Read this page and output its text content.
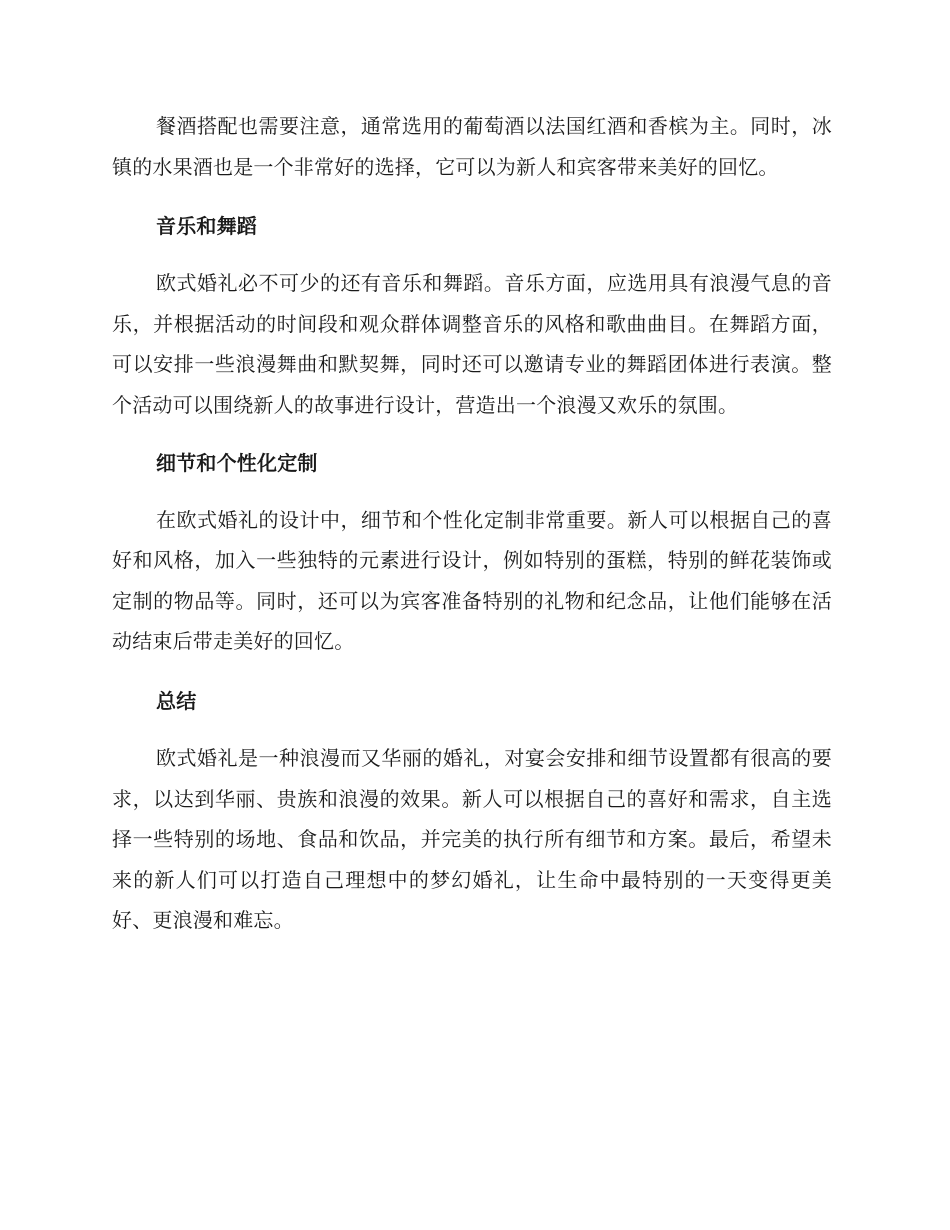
餐酒搭配也需要注意，通常选用的葡萄酒以法国红酒和香槟为主。同时，冰镇的水果酒也是一个非常好的选择，它可以为新人和宾客带来美好的回忆。

音乐和舞蹈

欧式婚礼必不可少的还有音乐和舞蹈。音乐方面，应选用具有浪漫气息的音乐，并根据活动的时间段和观众群体调整音乐的风格和歌曲曲目。在舞蹈方面，可以安排一些浪漫舞曲和默契舞，同时还可以邀请专业的舞蹈团体进行表演。整个活动可以围绕新人的故事进行设计，营造出一个浪漫又欢乐的氛围。

细节和个性化定制

在欧式婚礼的设计中，细节和个性化定制非常重要。新人可以根据自己的喜好和风格，加入一些独特的元素进行设计，例如特别的蛋糕，特别的鲜花装饰或定制的物品等。同时，还可以为宾客准备特别的礼物和纪念品，让他们能够在活动结束后带走美好的回忆。

总结

欧式婚礼是一种浪漫而又华丽的婚礼，对宴会安排和细节设置都有很高的要求，以达到华丽、贵族和浪漫的效果。新人可以根据自己的喜好和需求，自主选择一些特别的场地、食品和饮品，并完美的执行所有细节和方案。最后，希望未来的新人们可以打造自己理想中的梦幻婚礼，让生命中最特别的一天变得更美好、更浪漫和难忘。
